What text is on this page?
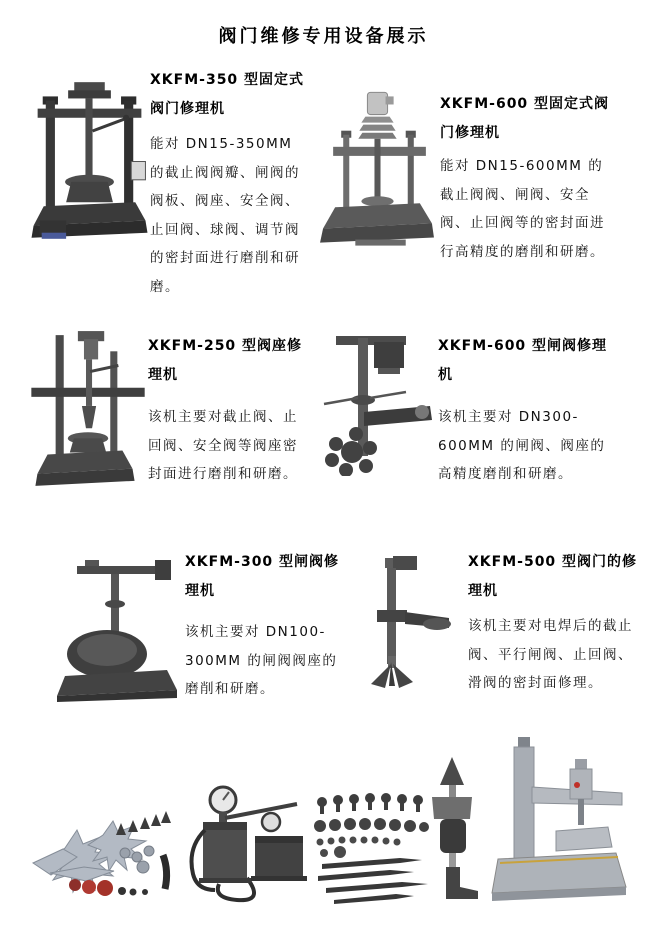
阀门维修专用设备展示
XKFM-350 型固定式阀门修理机
能对 DN15-350MM 的截止阀阀瓣、闸阀的阀板、阀座、安全阀、止回阀、球阀、调节阀的密封面进行磨削和研磨。
XKFM-600 型固定式阀门修理机
能对 DN15-600MM 的截止阀阀、闸阀、安全阀、止回阀等的密封面进行高精度的磨削和研磨。
XKFM-250 型阀座修理机
该机主要对截止阀、止回阀、安全阀等阀座密封面进行磨削和研磨。
XKFM-600 型闸阀修理机
该机主要对 DN300-600MM 的闸阀、阀座的高精度磨削和研磨。
XKFM-300 型闸阀修理机
该机主要对 DN100-300MM 的闸阀阀座的磨削和研磨。
XKFM-500 型阀门的修理机
该机主要对电焊后的截止阀、平行闸阀、止回阀、滑阀的密封面修理。
